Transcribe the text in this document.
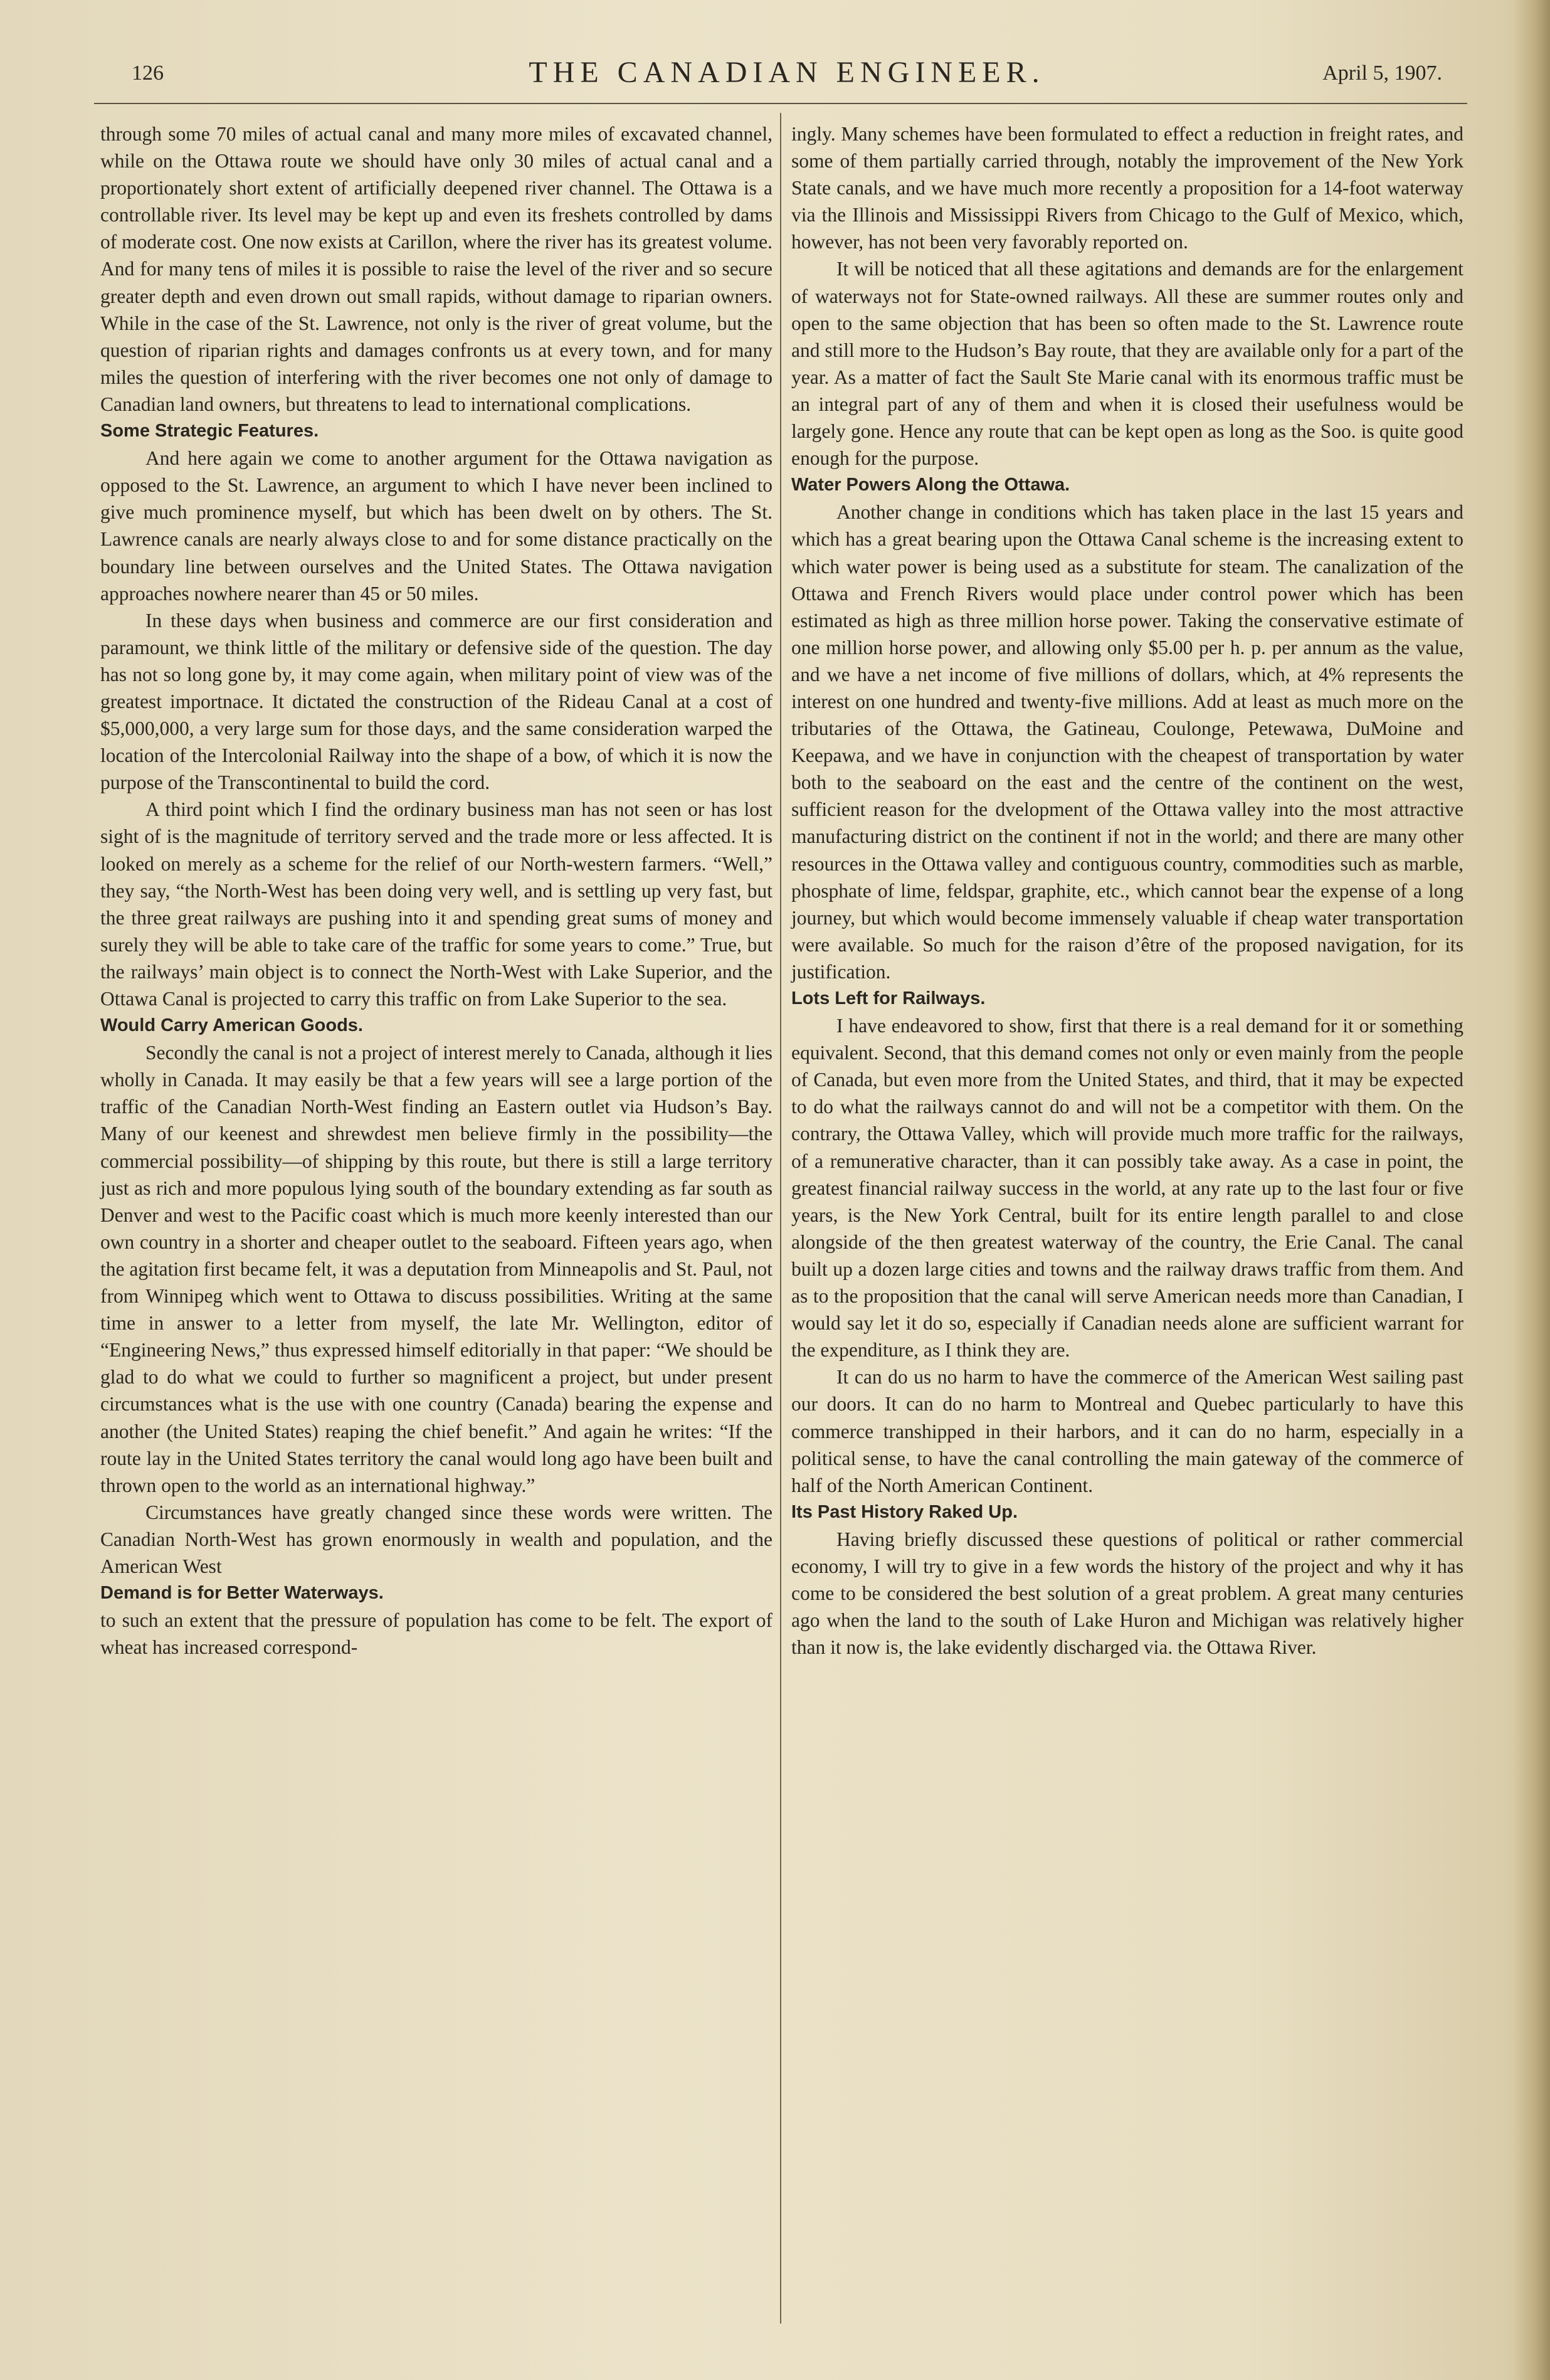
126	THE CANADIAN ENGINEER.	April 5, 1907.

through some 70 miles of actual canal and many more miles of excavated channel, while on the Ottawa route we should have only 30 miles of actual canal and a proportionately short extent of artificially deepened river channel. The Ottawa is a controllable river. Its level may be kept up and even its freshets controlled by dams of moderate cost. One now exists at Carillon, where the river has its greatest volume. And for many tens of miles it is possible to raise the level of the river and so secure greater depth and even drown out small rapids, without damage to riparian owners. While in the case of the St. Lawrence, not only is the river of great volume, but the question of riparian rights and damages confronts us at every town, and for many miles the question of interfering with the river becomes one not only of damage to Canadian land owners, but threatens to lead to international complications.

Some Strategic Features.

And here again we come to another argument for the Ottawa navigation as opposed to the St. Lawrence, an argument to which I have never been inclined to give much prominence myself, but which has been dwelt on by others. The St. Lawrence canals are nearly always close to and for some distance practically on the boundary line between ourselves and the United States. The Ottawa navigation approaches nowhere nearer than 45 or 50 miles.

In these days when business and commerce are our first consideration and paramount, we think little of the military or defensive side of the question. The day has not so long gone by, it may come again, when military point of view was of the greatest importnace. It dictated the construction of the Rideau Canal at a cost of $5,000,000, a very large sum for those days, and the same consideration warped the location of the Intercolonial Railway into the shape of a bow, of which it is now the purpose of the Transcontinental to build the cord.

A third point which I find the ordinary business man has not seen or has lost sight of is the magnitude of territory served and the trade more or less affected. It is looked on merely as a scheme for the relief of our North-western farmers. “Well,” they say, “the North-West has been doing very well, and is settling up very fast, but the three great railways are pushing into it and spending great sums of money and surely they will be able to take care of the traffic for some years to come.” True, but the railways’ main object is to connect the North-West with Lake Superior, and the Ottawa Canal is projected to carry this traffic on from Lake Superior to the sea.

Would Carry American Goods.

Secondly the canal is not a project of interest merely to Canada, although it lies wholly in Canada. It may easily be that a few years will see a large portion of the traffic of the Canadian North-West finding an Eastern outlet via Hudson’s Bay. Many of our keenest and shrewdest men believe firmly in the possibility—the commercial possibility—of shipping by this route, but there is still a large territory just as rich and more populous lying south of the boundary extending as far south as Denver and west to the Pacific coast which is much more keenly interested than our own country in a shorter and cheaper outlet to the seaboard. Fifteen years ago, when the agitation first became felt, it was a deputation from Minneapolis and St. Paul, not from Winnipeg which went to Ottawa to discuss possibilities. Writing at the same time in answer to a letter from myself, the late Mr. Wellington, editor of “Engineering News,” thus expressed himself editorially in that paper: “We should be glad to do what we could to further so magnificent a project, but under present circumstances what is the use with one country (Canada) bearing the expense and another (the United States) reaping the chief benefit.” And again he writes: “If the route lay in the United States territory the canal would long ago have been built and thrown open to the world as an international highway.”

Circumstances have greatly changed since these words were written. The Canadian North-West has grown enormously in wealth and population, and the American West

Demand is for Better Waterways.

to such an extent that the pressure of population has come to be felt. The export of wheat has increased correspond-

ingly. Many schemes have been formulated to effect a reduction in freight rates, and some of them partially carried through, notably the improvement of the New York State canals, and we have much more recently a proposition for a 14-foot waterway via the Illinois and Mississippi Rivers from Chicago to the Gulf of Mexico, which, however, has not been very favorably reported on.

It will be noticed that all these agitations and demands are for the enlargement of waterways not for State-owned railways. All these are summer routes only and open to the same objection that has been so often made to the St. Lawrence route and still more to the Hudson’s Bay route, that they are available only for a part of the year. As a matter of fact the Sault Ste Marie canal with its enormous traffic must be an integral part of any of them and when it is closed their usefulness would be largely gone. Hence any route that can be kept open as long as the Soo. is quite good enough for the purpose.

Water Powers Along the Ottawa.

Another change in conditions which has taken place in the last 15 years and which has a great bearing upon the Ottawa Canal scheme is the increasing extent to which water power is being used as a substitute for steam. The canalization of the Ottawa and French Rivers would place under control power which has been estimated as high as three million horse power. Taking the conservative estimate of one million horse power, and allowing only $5.00 per h. p. per annum as the value, and we have a net income of five millions of dollars, which, at 4% represents the interest on one hundred and twenty-five millions. Add at least as much more on the tributaries of the Ottawa, the Gatineau, Coulonge, Petewawa, DuMoine and Keepawa, and we have in conjunction with the cheapest of transportation by water both to the seaboard on the east and the centre of the continent on the west, sufficient reason for the dvelopment of the Ottawa valley into the most attractive manufacturing district on the continent if not in the world; and there are many other resources in the Ottawa valley and contiguous country, commodities such as marble, phosphate of lime, feldspar, graphite, etc., which cannot bear the expense of a long journey, but which would become immensely valuable if cheap water transportation were available. So much for the raison d’être of the proposed navigation, for its justification.

Lots Left for Railways.

I have endeavored to show, first that there is a real demand for it or something equivalent. Second, that this demand comes not only or even mainly from the people of Canada, but even more from the United States, and third, that it may be expected to do what the railways cannot do and will not be a competitor with them. On the contrary, the Ottawa Valley, which will provide much more traffic for the railways, of a remunerative character, than it can possibly take away. As a case in point, the greatest financial railway success in the world, at any rate up to the last four or five years, is the New York Central, built for its entire length parallel to and close alongside of the then greatest waterway of the country, the Erie Canal. The canal built up a dozen large cities and towns and the railway draws traffic from them. And as to the proposition that the canal will serve American needs more than Canadian, I would say let it do so, especially if Canadian needs alone are sufficient warrant for the expenditure, as I think they are.

It can do us no harm to have the commerce of the American West sailing past our doors. It can do no harm to Montreal and Quebec particularly to have this commerce transhipped in their harbors, and it can do no harm, especially in a political sense, to have the canal controlling the main gateway of the commerce of half of the North American Continent.

Its Past History Raked Up.

Having briefly discussed these questions of political or rather commercial economy, I will try to give in a few words the history of the project and why it has come to be considered the best solution of a great problem. A great many centuries ago when the land to the south of Lake Huron and Michigan was relatively higher than it now is, the lake evidently discharged via. the Ottawa River.
